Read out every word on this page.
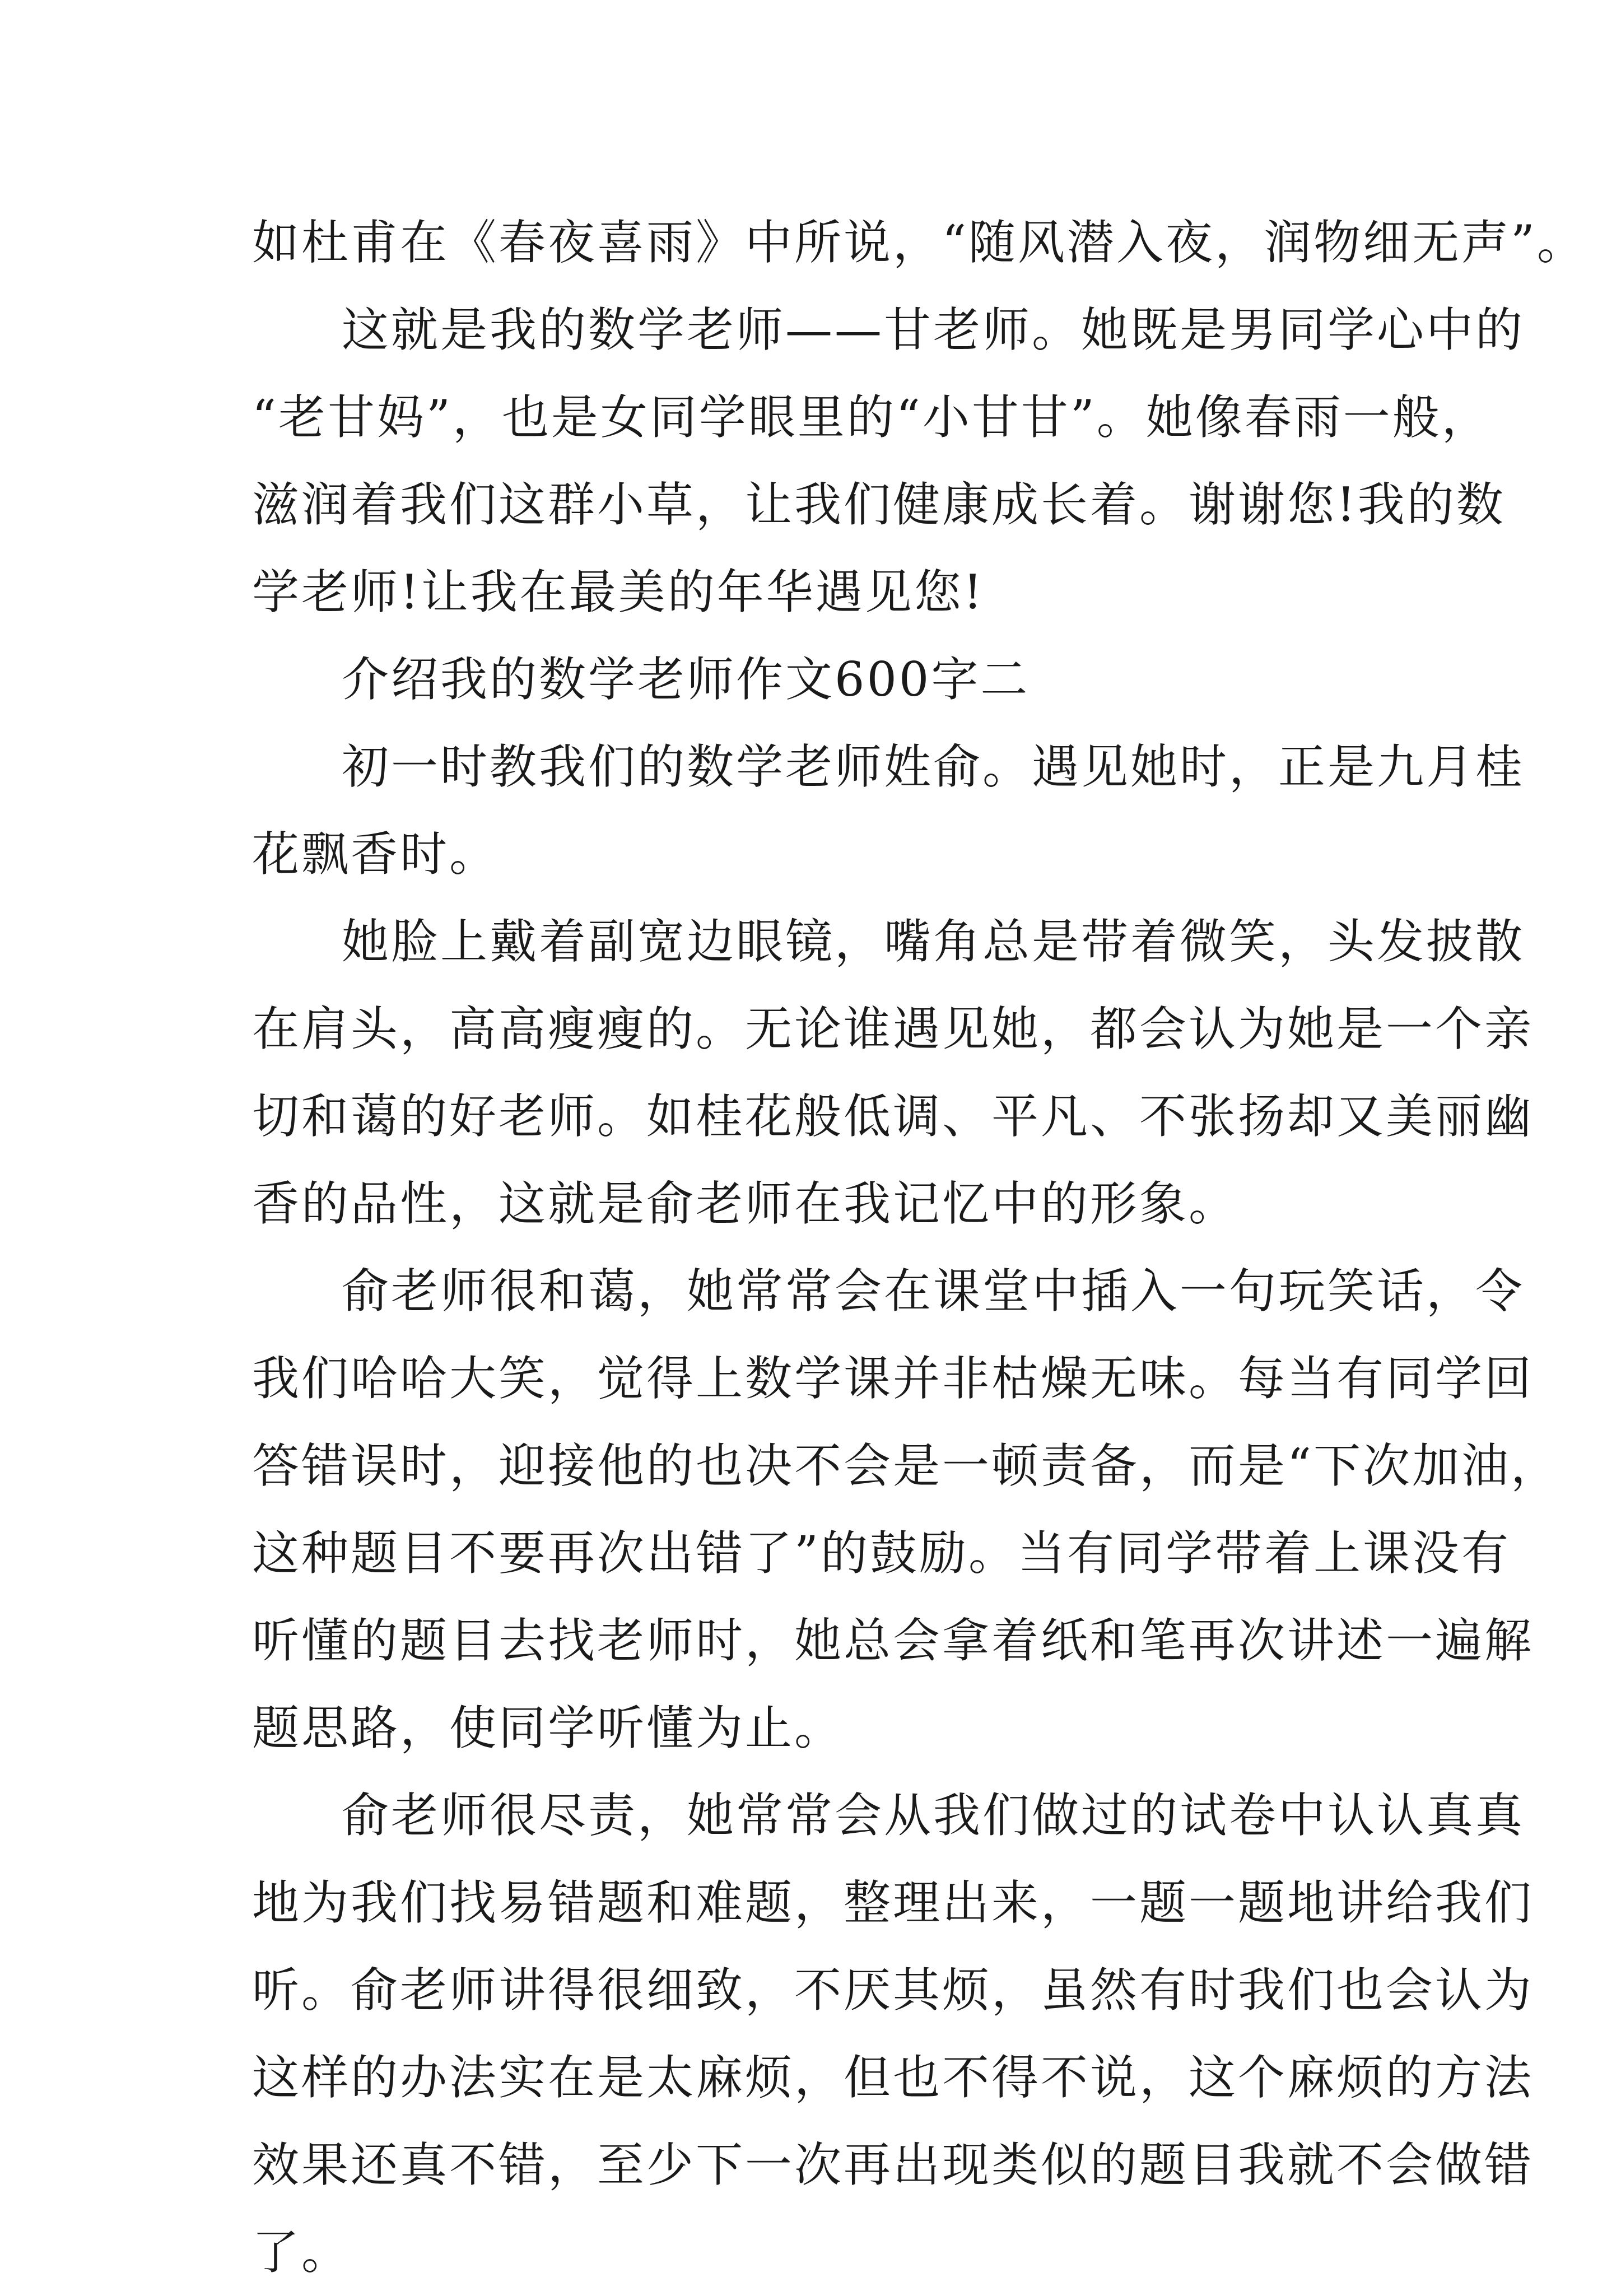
如杜甫在《春夜喜雨》中所说，“随风潜入夜，润物细无声”。
这就是我的数学老师——甘老师。她既是男同学心中的
“老甘妈”，也是女同学眼里的“小甘甘”。她像春雨一般，
滋润着我们这群小草，让我们健康成长着。谢谢您!我的数
学老师!让我在最美的年华遇见您!
介绍我的数学老师作文600字二
初一时教我们的数学老师姓俞。遇见她时，正是九月桂
花飘香时。
她脸上戴着副宽边眼镜，嘴角总是带着微笑，头发披散
在肩头，高高瘦瘦的。无论谁遇见她，都会认为她是一个亲
切和蔼的好老师。如桂花般低调、平凡、不张扬却又美丽幽
香的品性，这就是俞老师在我记忆中的形象。
俞老师很和蔼，她常常会在课堂中插入一句玩笑话，令
我们哈哈大笑，觉得上数学课并非枯燥无味。每当有同学回
答错误时，迎接他的也决不会是一顿责备，而是“下次加油，
这种题目不要再次出错了”的鼓励。当有同学带着上课没有
听懂的题目去找老师时，她总会拿着纸和笔再次讲述一遍解
题思路，使同学听懂为止。
俞老师很尽责，她常常会从我们做过的试卷中认认真真
地为我们找易错题和难题，整理出来，一题一题地讲给我们
听。俞老师讲得很细致，不厌其烦，虽然有时我们也会认为
这样的办法实在是太麻烦，但也不得不说，这个麻烦的方法
效果还真不错，至少下一次再出现类似的题目我就不会做错
了。
